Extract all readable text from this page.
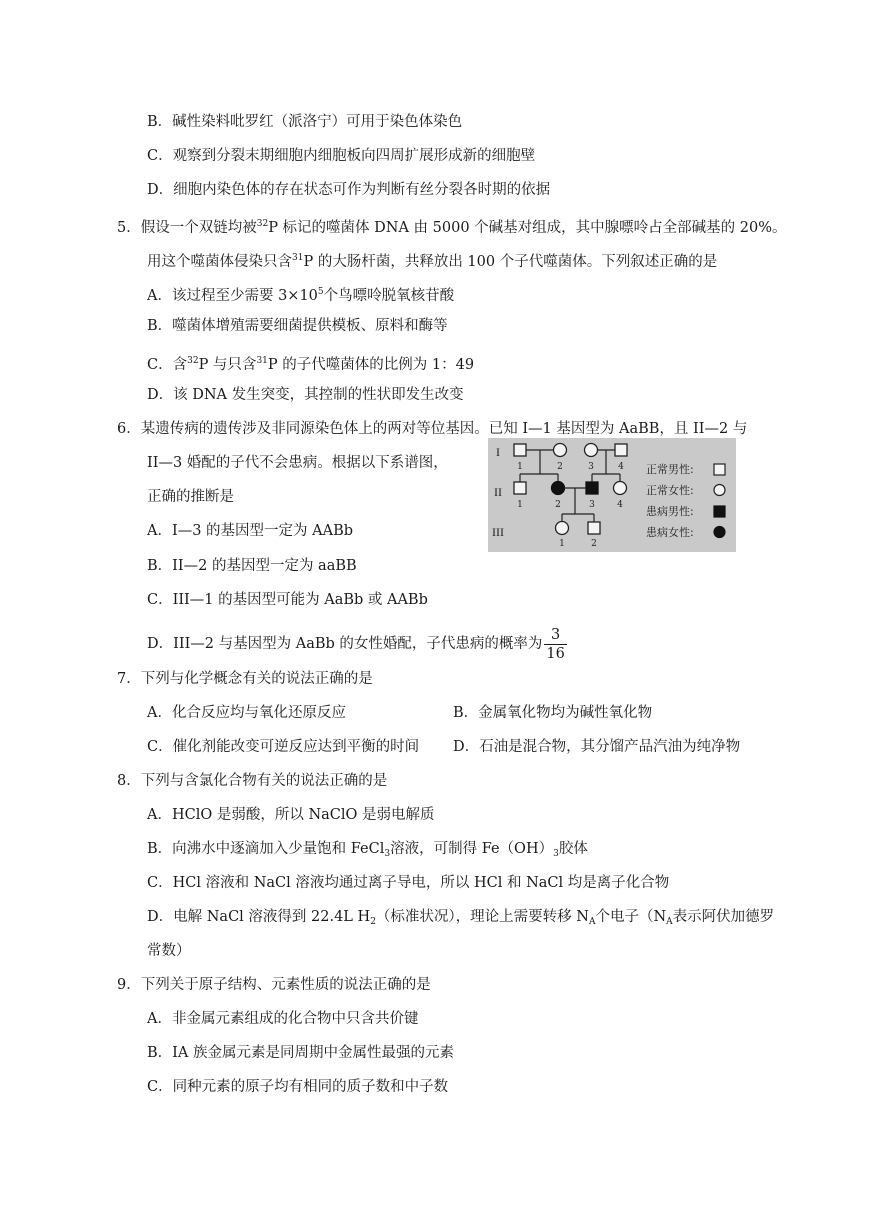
B．碱性染料吡罗红（派洛宁）可用于染色体染色
C．观察到分裂末期细胞内细胞板向四周扩展形成新的细胞壁
D．细胞内染色体的存在状态可作为判断有丝分裂各时期的依据
5．假设一个双链均被$^{32}$P 标记的噬菌体 DNA 由 5000 个碱基对组成，其中腺嘌呤占全部碱基的 20%。
用这个噬菌体侵染只含$^{31}$P 的大肠杆菌，共释放出 100 个子代噬菌体。下列叙述正确的是
A．该过程至少需要 $3\times 10^5$个鸟嘌呤脱氧核苷酸
B．噬菌体增殖需要细菌提供模板、原料和酶等
C．含$^{32}$P 与只含$^{31}$P 的子代噬菌体的比例为 1：49
D．该 DNA 发生突变，其控制的性状即发生改变
6．某遗传病的遗传涉及非同源染色体上的两对等位基因。已知 I—1 基因型为 AaBB，且 II—2 与
II—3 婚配的子代不会患病。根据以下系谱图，
正确的推断是
I
II
III
1	2	3	4
1	2	3 4
1	2
正常男性:
正常女性:
患病男性:
患病女性:
A．I—3 的基因型一定为 AABb
B．II—2 的基因型一定为 aaBB
C．III—1 的基因型可能为 AaBb 或 AABb
D．III—2 与基因型为 AaBb 的女性婚配，子代患病的概率为 $\frac{3}{16}$
7．下列与化学概念有关的说法正确的是
A．化合反应均与氧化还原反应	B．金属氧化物均为碱性氧化物
C．催化剂能改变可逆反应达到平衡的时间 D．石油是混合物，其分馏产品汽油为纯净物
8．下列与含氯化合物有关的说法正确的是
A．HClO 是弱酸，所以 NaClO 是弱电解质
B．向沸水中逐滴加入少量饱和 FeCl$_3$溶液，可制得 $Fe(OH)_3$胶体
C．HCl 溶液和 NaCl 溶液均通过离子导电，所以 HCl 和 NaCl 均是离子化合物
D．电解 NaCl 溶液得到 22.4L $H_2$（标准状况），理论上需要转移 $N_A$个电子（$N_A$表示阿伏加德罗
常数）
9．下列关于原子结构、元素性质的说法正确的是
A．非金属元素组成的化合物中只含共价键
B．IA 族金属元素是同周期中金属性最强的元素
C．同种元素的原子均有相同的质子数和中子数
